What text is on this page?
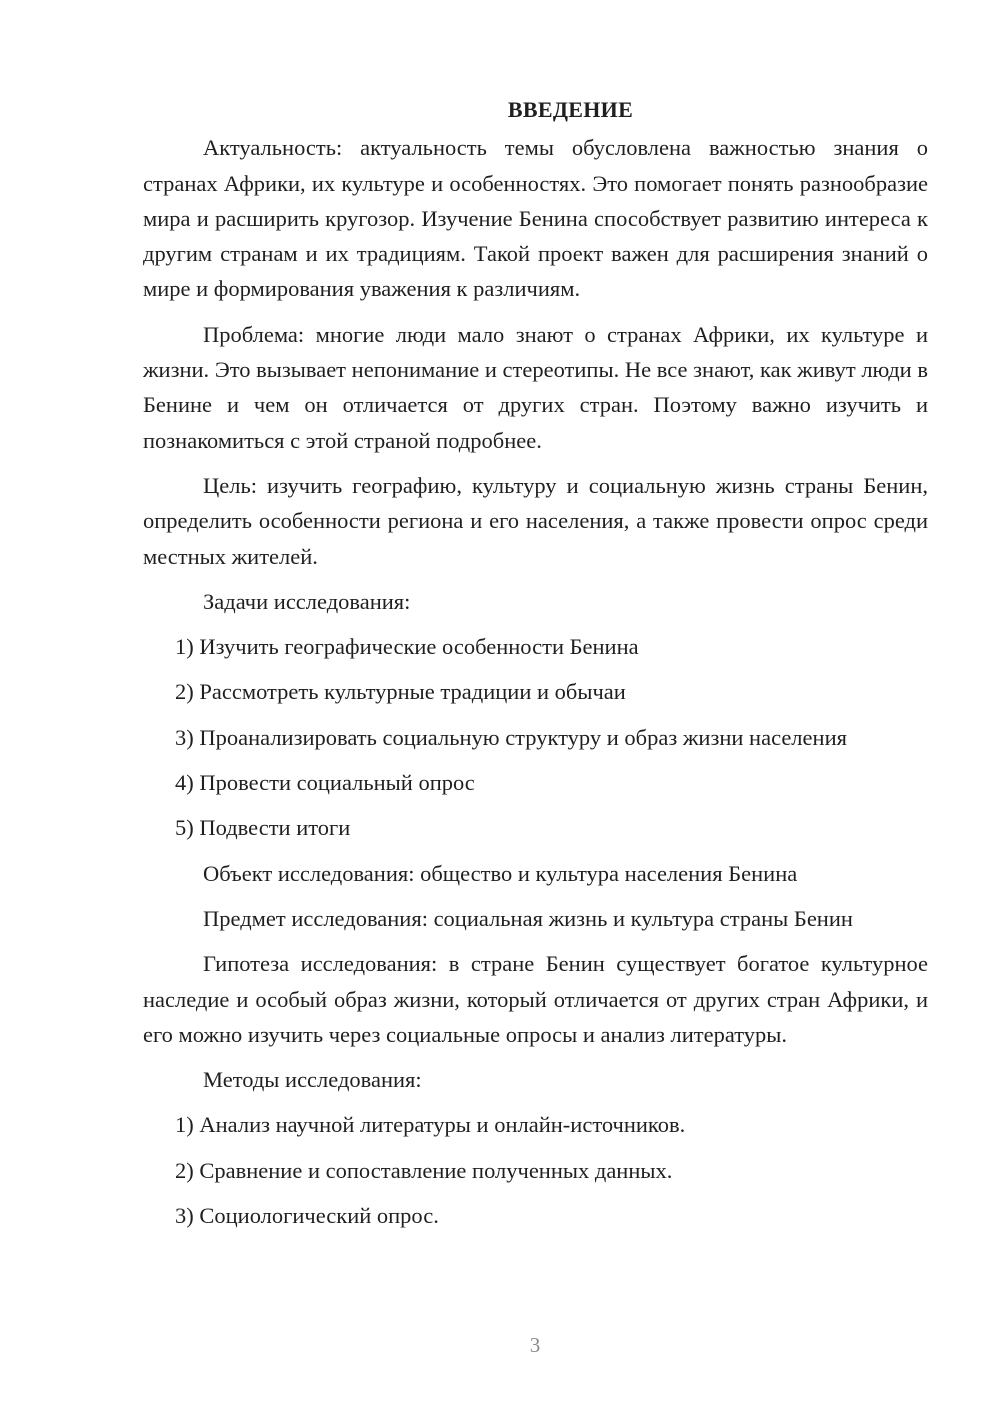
ВВЕДЕНИЕ

Актуальность: актуальность темы обусловлена важностью знания о странах Африки, их культуре и особенностях. Это помогает понять разнообразие мира и расширить кругозор. Изучение Бенина способствует развитию интереса к другим странам и их традициям. Такой проект важен для расширения знаний о мире и формирования уважения к различиям.

Проблема: многие люди мало знают о странах Африки, их культуре и жизни. Это вызывает непонимание и стереотипы. Не все знают, как живут люди в Бенине и чем он отличается от других стран. Поэтому важно изучить и познакомиться с этой страной подробнее.

Цель: изучить географию, культуру и социальную жизнь страны Бенин, определить особенности региона и его населения, а также провести опрос среди местных жителей.

Задачи исследования:
1) Изучить географические особенности Бенина
2) Рассмотреть культурные традиции и обычаи
3) Проанализировать социальную структуру и образ жизни населения
4) Провести социальный опрос
5) Подвести итоги
Объект исследования: общество и культура населения Бенина
Предмет исследования: социальная жизнь и культура страны Бенин

Гипотеза исследования: в стране Бенин существует богатое культурное наследие и особый образ жизни, который отличается от других стран Африки, и его можно изучить через социальные опросы и анализ литературы.

Методы исследования:
1) Анализ научной литературы и онлайн-источников.
2) Сравнение и сопоставление полученных данных.
3) Социологический опрос.
3
